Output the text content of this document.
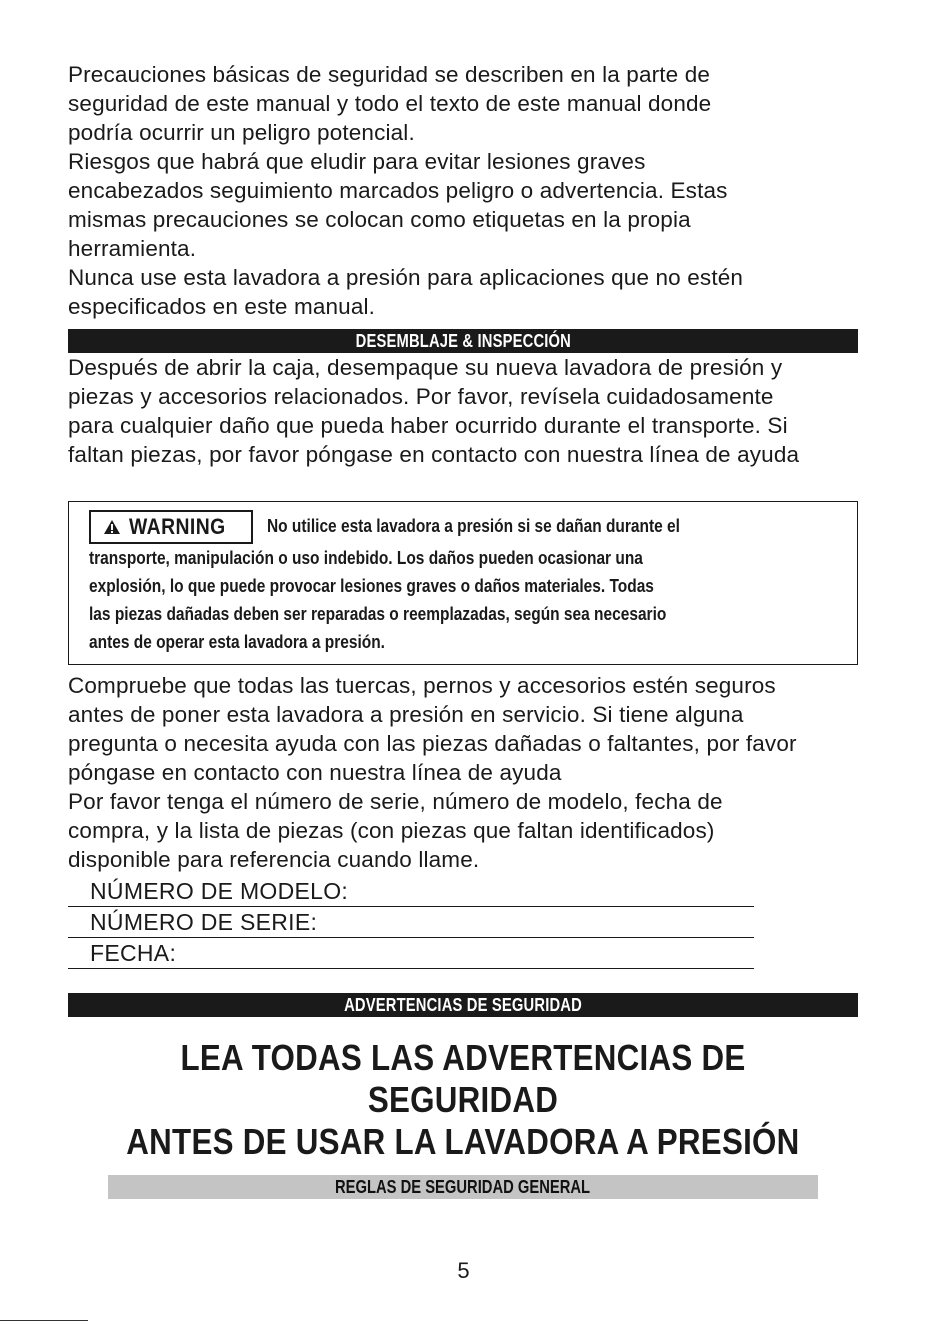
Precauciones básicas de seguridad se describen en la parte de
seguridad de este manual y todo el texto de este manual donde
podría ocurrir un peligro potencial.
Riesgos que habrá que eludir para evitar lesiones graves
encabezados seguimiento marcados peligro o advertencia. Estas
mismas precauciones se colocan como etiquetas en la propia
herramienta.
Nunca use esta lavadora a presión para aplicaciones que no estén
especificados en este manual.
DESEMBLAJE & INSPECCIÓN
Después de abrir la caja, desempaque su nueva lavadora de presión y
piezas y accesorios relacionados. Por favor, revísela cuidadosamente
para cualquier daño que pueda haber ocurrido durante el transporte. Si
faltan piezas, por favor póngase en contacto con nuestra línea de ayuda
WARNING No utilice esta lavadora a presión si se dañan durante el
transporte, manipulación o uso indebido. Los daños pueden ocasionar una
explosión, lo que puede provocar lesiones graves o daños materiales. Todas
las piezas dañadas deben ser reparadas o reemplazadas, según sea necesario
antes de operar esta lavadora a presión.
Compruebe que todas las tuercas, pernos y accesorios estén seguros
antes de poner esta lavadora a presión en servicio. Si tiene alguna
pregunta o necesita ayuda con las piezas dañadas o faltantes, por favor
póngase en contacto con nuestra línea de ayuda
Por favor tenga el número de serie, número de modelo, fecha de
compra, y la lista de piezas (con piezas que faltan identificados)
disponible para referencia cuando llame.
NÚMERO DE MODELO:
NÚMERO DE SERIE:
FECHA:
ADVERTENCIAS DE SEGURIDAD
LEA TODAS LAS ADVERTENCIAS DE SEGURIDAD
ANTES DE USAR LA LAVADORA A PRESIÓN
REGLAS DE SEGURIDAD GENERAL
5
